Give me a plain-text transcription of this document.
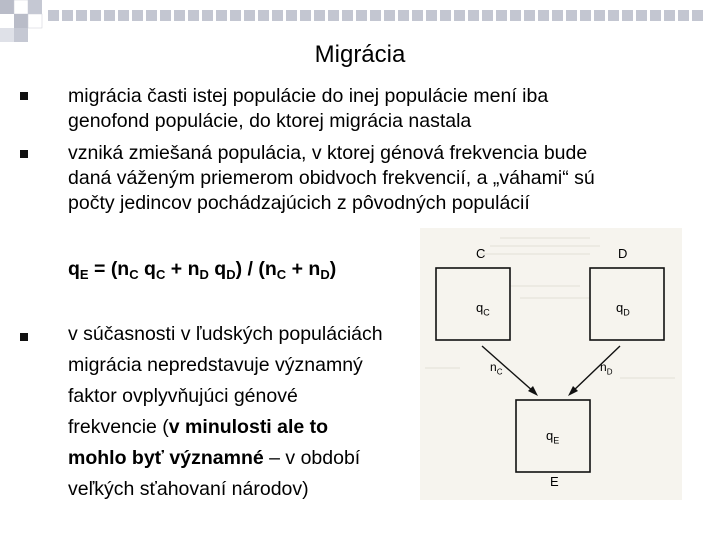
Migrácia
migrácia časti istej populácie do inej populácie mení iba
genofond populácie, do ktorej migrácia nastala
vzniká zmiešaná populácia, v ktorej génová frekvencia bude
daná váženým priemerom obidvoch frekvencií, a „váhami“ sú
počty jedincov pochádzajúcich z pôvodných populácií
$q_E = (n_C$ $q_C + n_D$ $q_D) / (n_C + n_D)$
C	D
E
$q_C$	$q_D$
$q_E$
$n_C$	$n_D$
v súčasnosti v ľudských populáciách
migrácia nepredstavuje významný
faktor ovplyvňujúci génové
frekvencie (v minulosti ale to
mohlo byť významné – v období
veľkých sťahovaní národov)
